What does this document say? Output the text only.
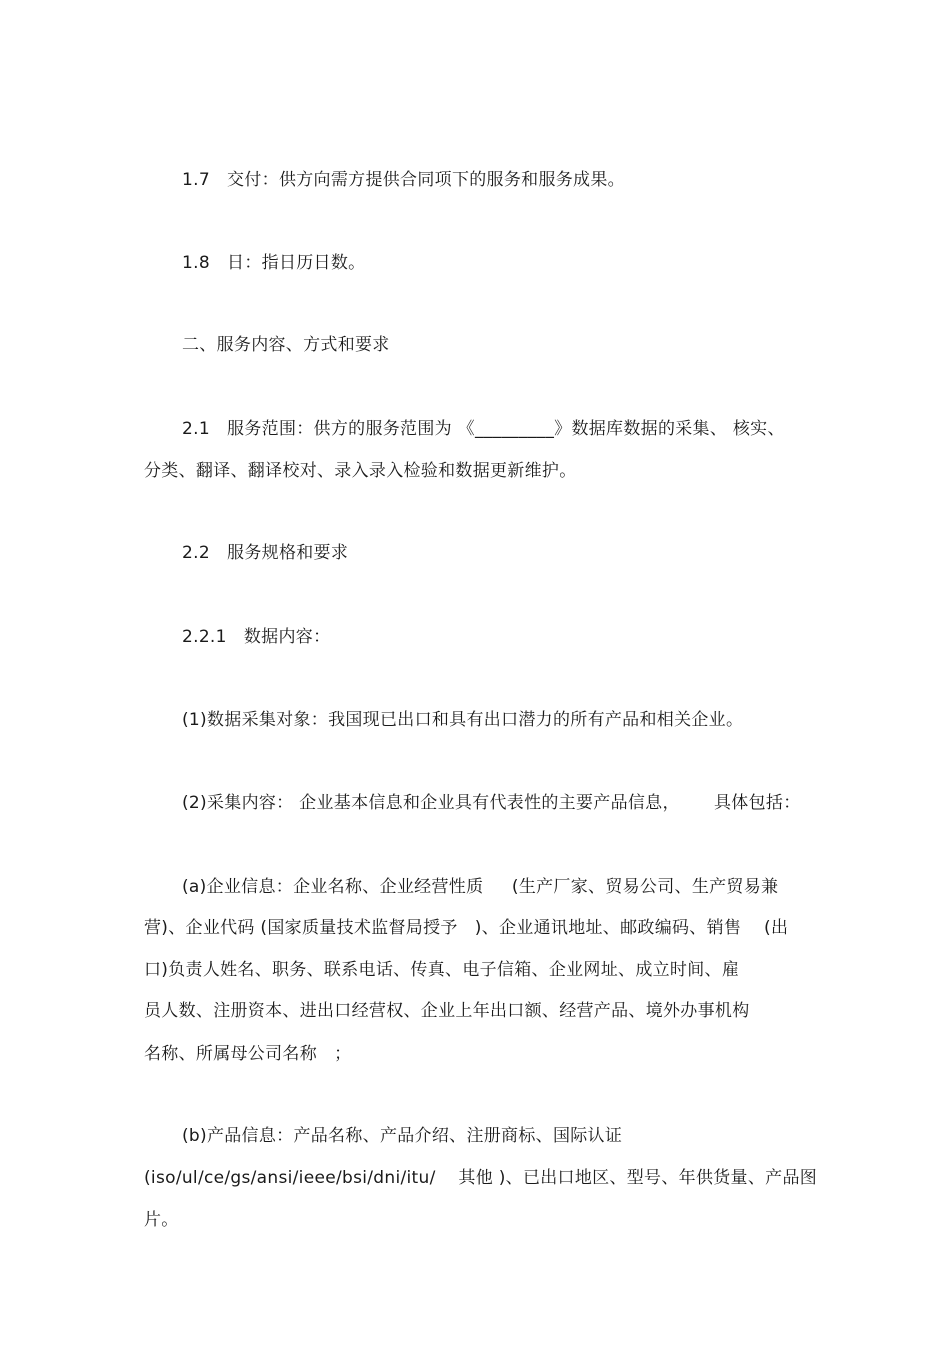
1.7   交付：供方向需方提供合同项下的服务和服务成果。
1.8   日：指日历日数。
二、服务内容、方式和要求
2.1   服务范围：供方的服务范围为 《_________》数据库数据的采集、 核实、
分类、翻译、翻译校对、录入录入检验和数据更新维护。
2.2   服务规格和要求
2.2.1   数据内容：
(1)数据采集对象：我国现已出口和具有出口潜力的所有产品和相关企业。
(2)采集内容： 企业基本信息和企业具有代表性的主要产品信息，      具体包括：
(a)企业信息：企业名称、企业经营性质     (生产厂家、贸易公司、生产贸易兼
营)、企业代码 (国家质量技术监督局授予   )、企业通讯地址、邮政编码、销售    (出
口)负责人姓名、职务、联系电话、传真、电子信箱、企业网址、成立时间、雇
员人数、注册资本、进出口经营权、企业上年出口额、经营产品、境外办事机构
名称、所属母公司名称   ；
(b)产品信息：产品名称、产品介绍、注册商标、国际认证
(iso/ul/ce/gs/ansi/ieee/bsi/dni/itu/    其他 )、已出口地区、型号、年供货量、产品图
片。
